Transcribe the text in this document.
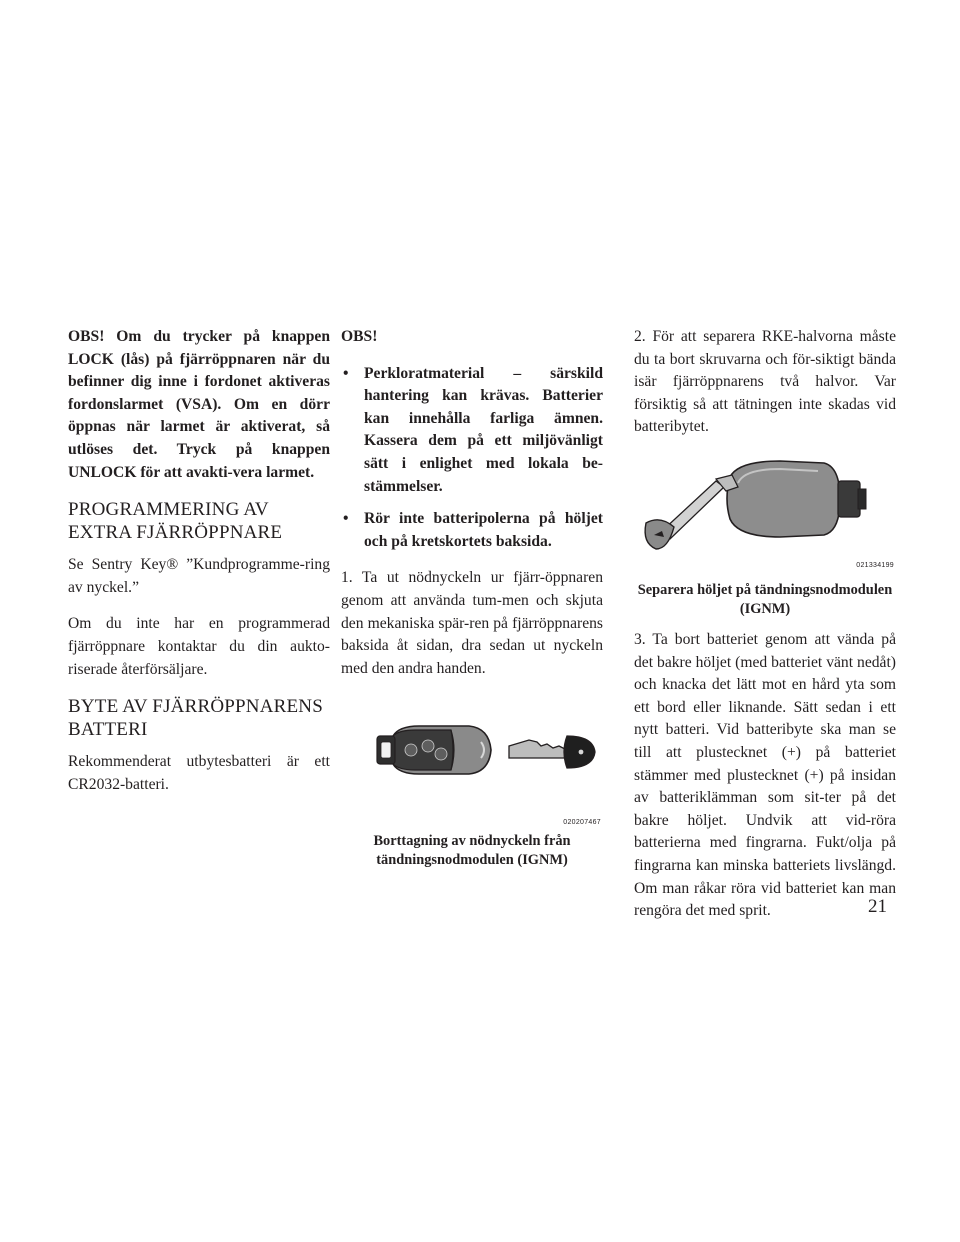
OBS! Om du trycker på knappen LOCK (lås) på fjärröppnaren när du befinner dig inne i fordonet aktiveras fordonslarmet (VSA). Om en dörr öppnas när larmet är aktiverat, så utlöses det. Tryck på knappen UNLOCK för att avakti-vera larmet.

PROGRAMMERING AV EXTRA FJÄRRÖPPNARE

Se Sentry Key® ”Kundprogramme-ring av nyckel.”

Om du inte har en programmerad fjärröppnare kontaktar du din aukto-riserade återförsäljare.

BYTE AV FJÄRRÖPPNARENS BATTERI

Rekommenderat utbytesbatteri är ett CR2032-batteri.

OBS!

• Perkloratmaterial – särskild hantering kan krävas. Batterier kan innehålla farliga ämnen. Kassera dem på ett miljövänligt sätt i enlighet med lokala be-stämmelser.
• Rör inte batteripolerna på höljet och på kretskortets baksida.

1. Ta ut nödnyckeln ur fjärr-öppnaren genom att använda tum-men och skjuta den mekaniska spär-ren på fjärröppnarens baksida åt sidan, dra sedan ut nyckeln med den andra handen.

020207467

Borttagning av nödnyckeln från tändningsnodmodulen (IGNM)

2. För att separera RKE-halvorna måste du ta bort skruvarna och för-siktigt bända isär fjärröppnarens två halvor. Var försiktig så att tätningen inte skadas vid batteribytet.

021334199

Separera höljet på tändningsnodmodulen (IGNM)

3. Ta bort batteriet genom att vända på det bakre höljet (med batteriet vänt nedåt) och knacka det lätt mot en hård yta som ett bord eller liknande. Sätt sedan i ett nytt batteri. Vid batteribyte ska man se till att plustecknet (+) på batteriet stämmer med plustecknet (+) på insidan av batteriklämman som sit-ter på det bakre höljet. Undvik att vid-röra batterierna med fingrarna. Fukt/olja på fingrarna kan minska batteriets livslängd. Om man råkar röra vid batteriet kan man rengöra det med sprit.	21
